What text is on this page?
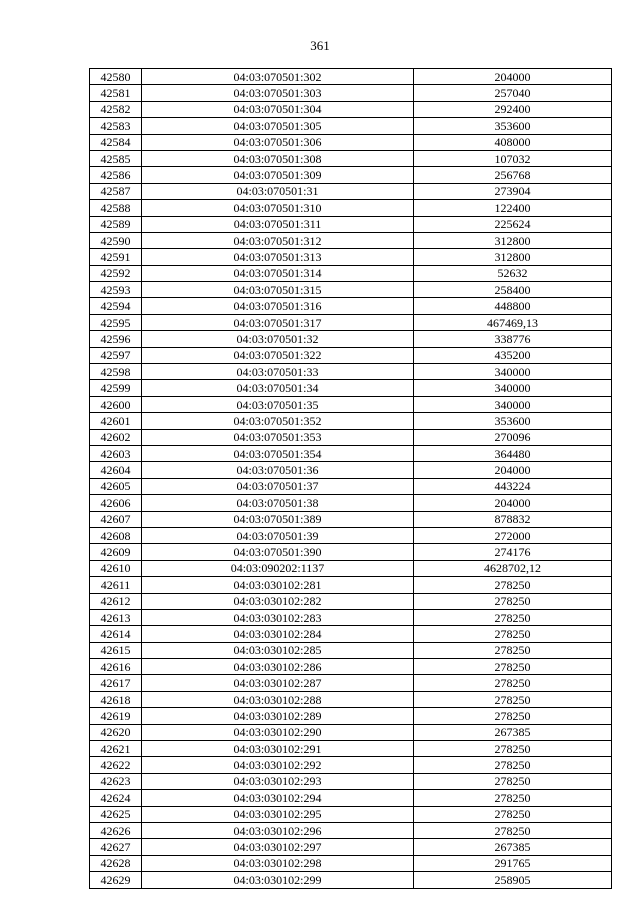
361
42580	04:03:070501:302	204000
42581	04:03:070501:303	257040
42582	04:03:070501:304	292400
42583	04:03:070501:305	353600
42584	04:03:070501:306	408000
42585	04:03:070501:308	107032
42586	04:03:070501:309	256768
42587	04:03:070501:31	273904
42588	04:03:070501:310	122400
42589	04:03:070501:311	225624
42590	04:03:070501:312	312800
42591	04:03:070501:313	312800
42592	04:03:070501:314	52632
42593	04:03:070501:315	258400
42594	04:03:070501:316	448800
42595	04:03:070501:317	467469,13
42596	04:03:070501:32	338776
42597	04:03:070501:322	435200
42598	04:03:070501:33	340000
42599	04:03:070501:34	340000
42600	04:03:070501:35	340000
42601	04:03:070501:352	353600
42602	04:03:070501:353	270096
42603	04:03:070501:354	364480
42604	04:03:070501:36	204000
42605	04:03:070501:37	443224
42606	04:03:070501:38	204000
42607	04:03:070501:389	878832
42608	04:03:070501:39	272000
42609	04:03:070501:390	274176
42610	04:03:090202:1137	4628702,12
42611	04:03:030102:281	278250
42612	04:03:030102:282	278250
42613	04:03:030102:283	278250
42614	04:03:030102:284	278250
42615	04:03:030102:285	278250
42616	04:03:030102:286	278250
42617	04:03:030102:287	278250
42618	04:03:030102:288	278250
42619	04:03:030102:289	278250
42620	04:03:030102:290	267385
42621	04:03:030102:291	278250
42622	04:03:030102:292	278250
42623	04:03:030102:293	278250
42624	04:03:030102:294	278250
42625	04:03:030102:295	278250
42626	04:03:030102:296	278250
42627	04:03:030102:297	267385
42628	04:03:030102:298	291765
42629	04:03:030102:299	258905
